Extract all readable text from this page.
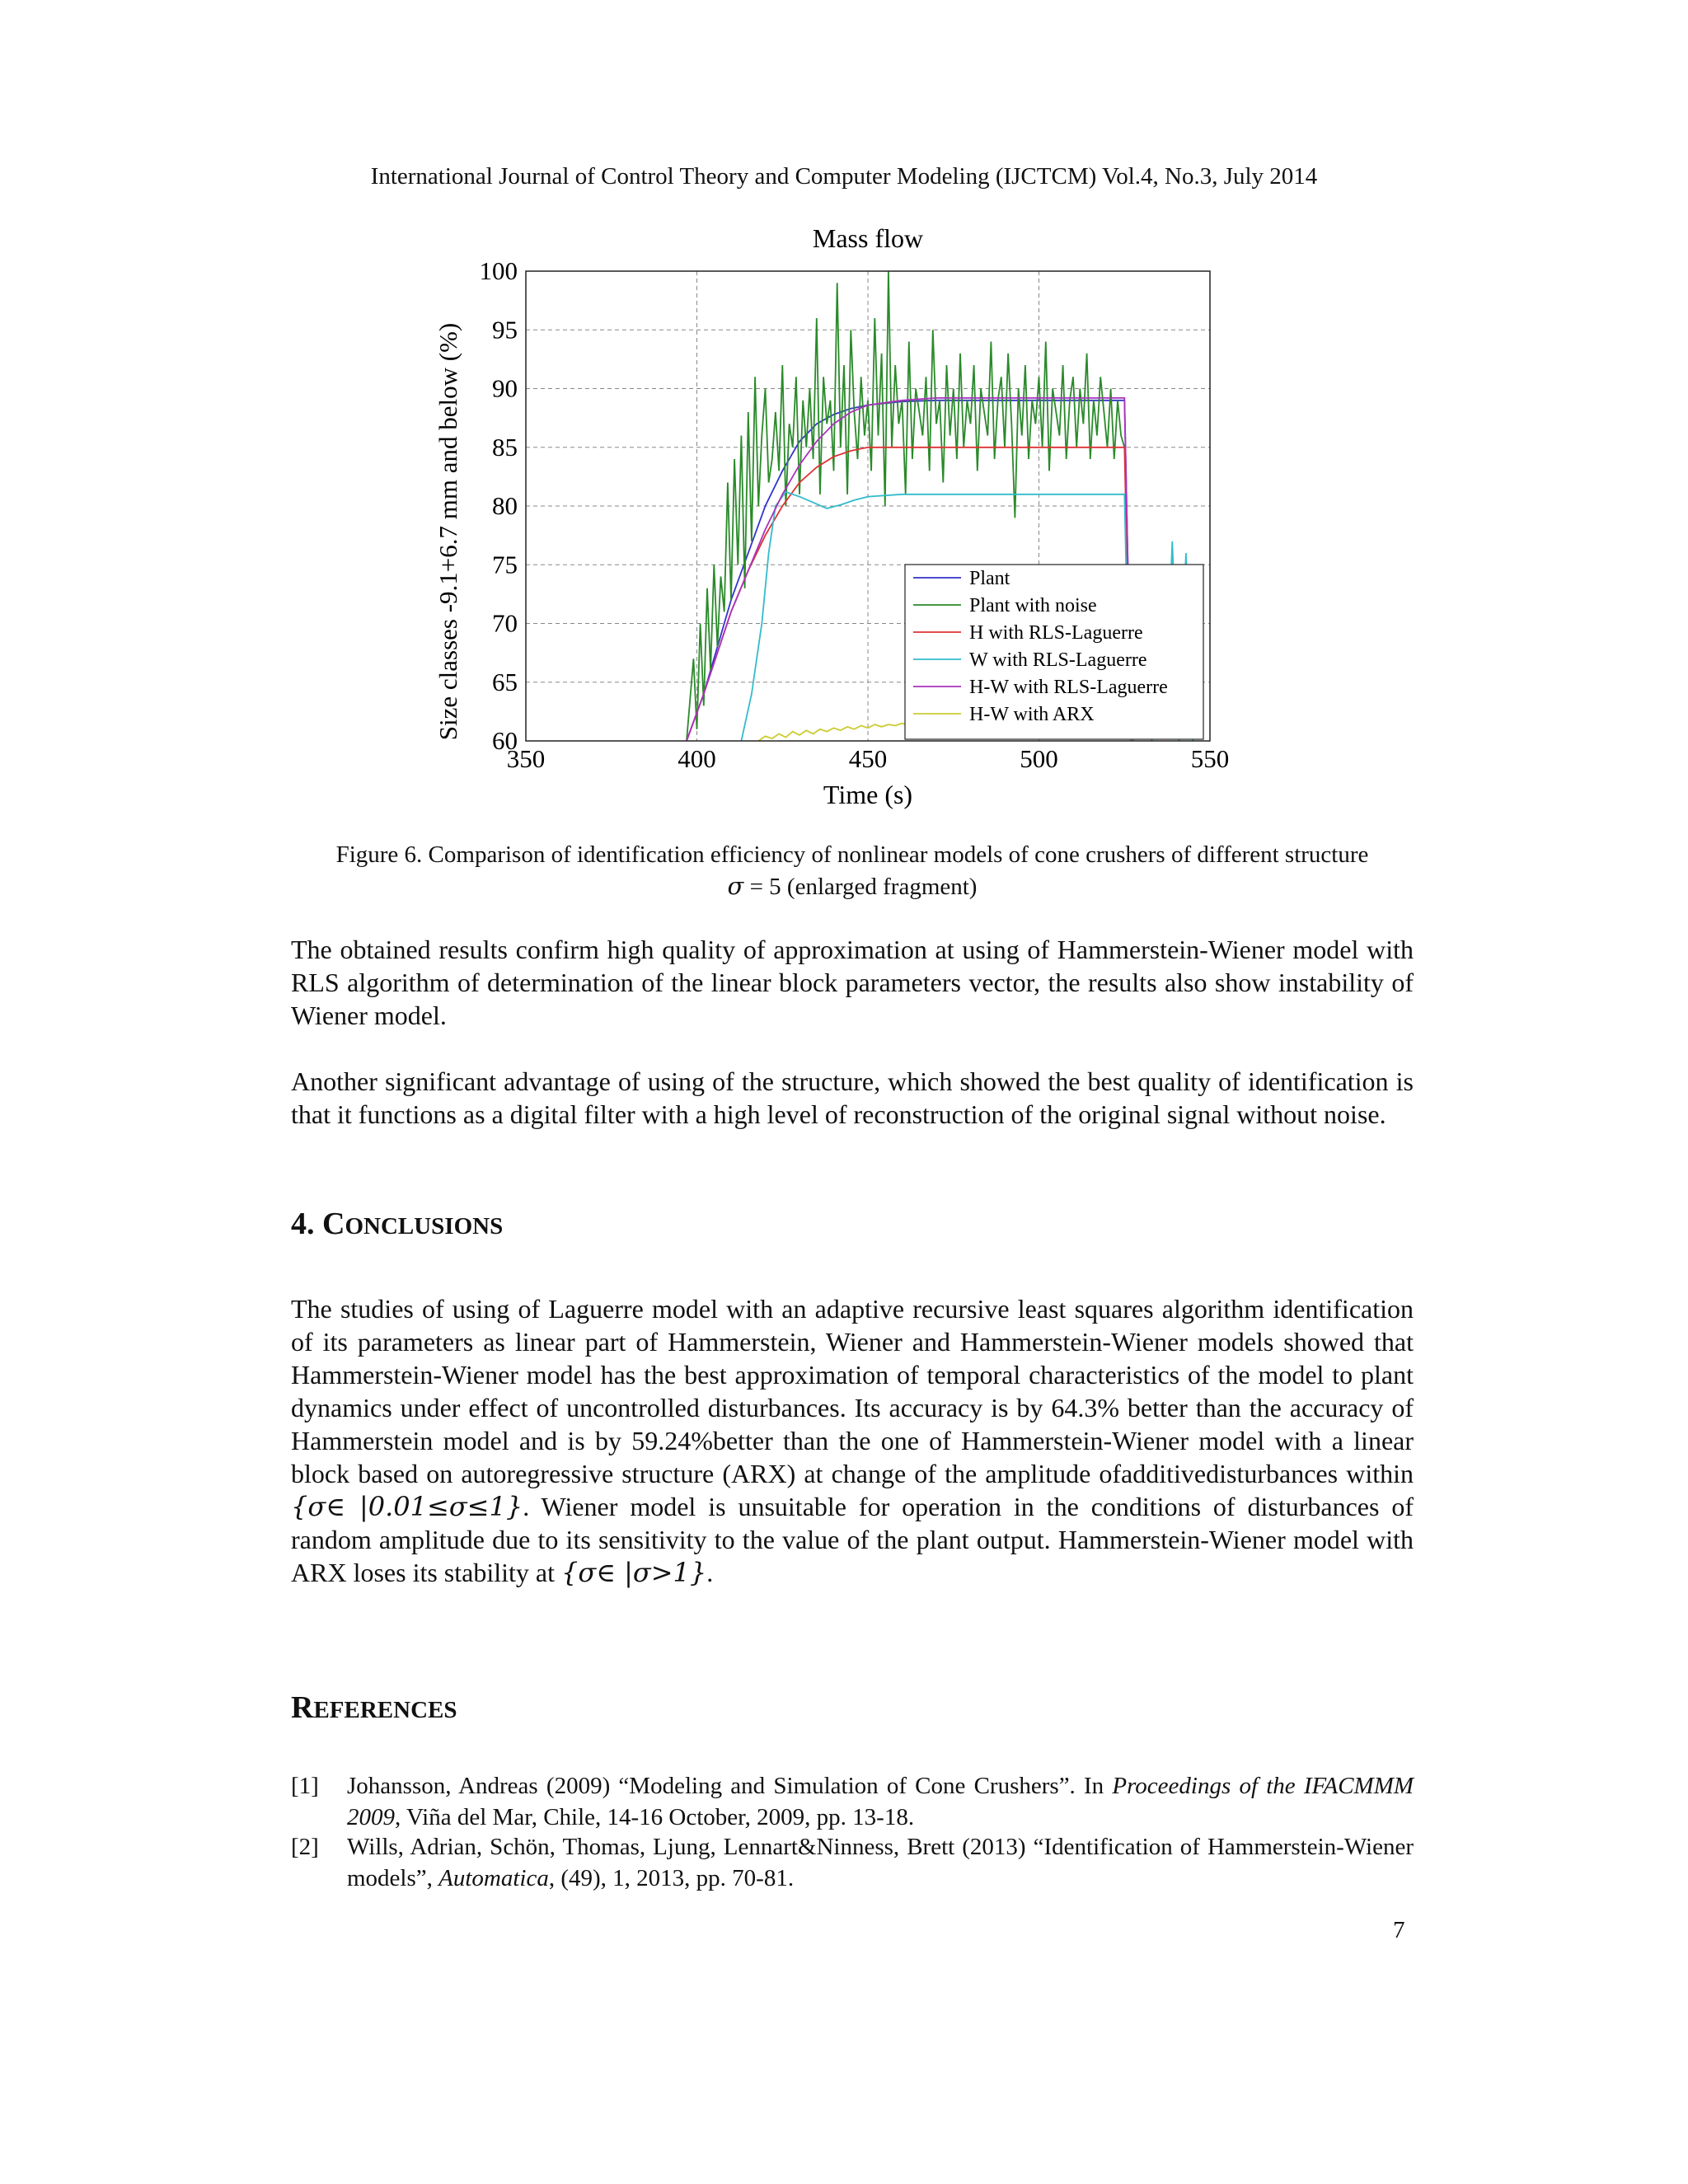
International Journal of Control Theory and Computer Modeling (IJCTCM) Vol.4, No.3, July 2014
Mass flow
Time (s)
Size classes -9.1+6.7 mm and below (%)
350	400	450	500	550
60
65
70
75
80
85
90
95
100
Plant
Plant with noise
H with RLS-Laguerre
W with RLS-Laguerre
H-W with RLS-Laguerre
H-W with ARX
Figure 6. Comparison of identification efficiency of nonlinear models of cone crushers of different structure
σ = 5 (enlarged fragment)

The obtained results confirm high quality of approximation at using of Hammerstein-Wiener model with RLS algorithm of determination of the linear block parameters vector, the results also show instability of Wiener model.

Another significant advantage of using of the structure, which showed the best quality of identification is that it functions as a digital filter with a high level of reconstruction of the original signal without noise.

4. CONCLUSIONS

The studies of using of Laguerre model with an adaptive recursive least squares algorithm identification of its parameters as linear part of Hammerstein, Wiener and Hammerstein-Wiener models showed that Hammerstein-Wiener model has the best approximation of temporal characteristics of the model to plant dynamics under effect of uncontrolled disturbances. Its accuracy is by 64.3% better than the accuracy of Hammerstein model and is by 59.24%better than the one of Hammerstein-Wiener model with a linear block based on autoregressive structure (ARX) at change of the amplitude ofadditivedisturbances within {σ∈ |0.01≤σ≤1}. Wiener model is unsuitable for operation in the conditions of disturbances of random amplitude due to its sensitivity to the value of the plant output. Hammerstein-Wiener model with ARX loses its stability at {σ∈ |σ>1}.

REFERENCES
[1] Johansson, Andreas (2009) “Modeling and Simulation of Cone Crushers”. In Proceedings of the IFACMMM 2009, Viña del Mar, Chile, 14-16 October, 2009, pp. 13-18.
[2] Wills, Adrian, Schön, Thomas, Ljung, Lennart&Ninness, Brett (2013) “Identification of Hammerstein-Wiener models”, Automatica, (49), 1, 2013, pp. 70-81.
7
